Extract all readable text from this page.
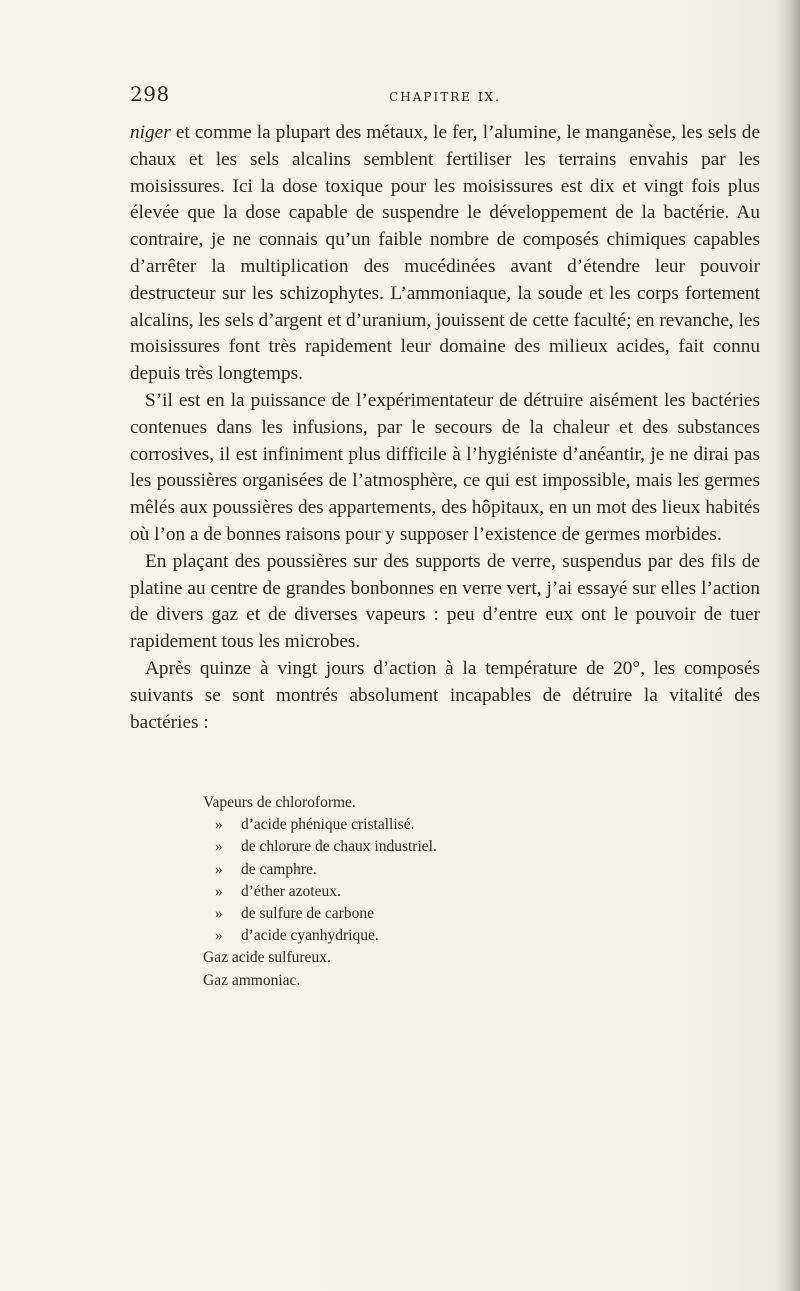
298	CHAPITRE IX.

niger et comme la plupart des métaux, le fer, l’alumine, le manganèse, les sels de chaux et les sels alcalins semblent fertiliser les terrains envahis par les moisissures. Ici la dose toxique pour les moisissures est dix et vingt fois plus élevée que la dose capable de suspendre le développement de la bactérie. Au contraire, je ne connais qu’un faible nombre de composés chimiques capables d’arrêter la multiplication des mucédinées avant d’étendre leur pouvoir destructeur sur les schizophytes. L’ammoniaque, la soude et les corps fortement alcalins, les sels d’argent et d’uranium, jouissent de cette faculté; en revanche, les moisissures font très rapidement leur domaine des milieux acides, fait connu depuis très longtemps.

S’il est en la puissance de l’expérimentateur de détruire aisément les bactéries contenues dans les infusions, par le secours de la chaleur et des substances corrosives, il est infiniment plus difficile à l’hygiéniste d’anéantir, je ne dirai pas les poussières organisées de l’atmosphère, ce qui est impossible, mais les germes mêlés aux poussières des appartements, des hôpitaux, en un mot des lieux habités où l’on a de bonnes raisons pour y supposer l’existence de germes morbides.

En plaçant des poussières sur des supports de verre, suspendus par des fils de platine au centre de grandes bonbonnes en verre vert, j’ai essayé sur elles l’action de divers gaz et de diverses vapeurs : peu d’entre eux ont le pouvoir de tuer rapidement tous les microbes.

Après quinze à vingt jours d’action à la température de 20°, les composés suivants se sont montrés absolument incapables de détruire la vitalité des bactéries :

Vapeurs de chloroforme.
» d’acide phénique cristallisé.
» de chlorure de chaux industriel.
» de camphre.
» d’éther azoteux.
» de sulfure de carbone
» d’acide cyanhydrique.
Gaz acide sulfureux.
Gaz ammoniac.
